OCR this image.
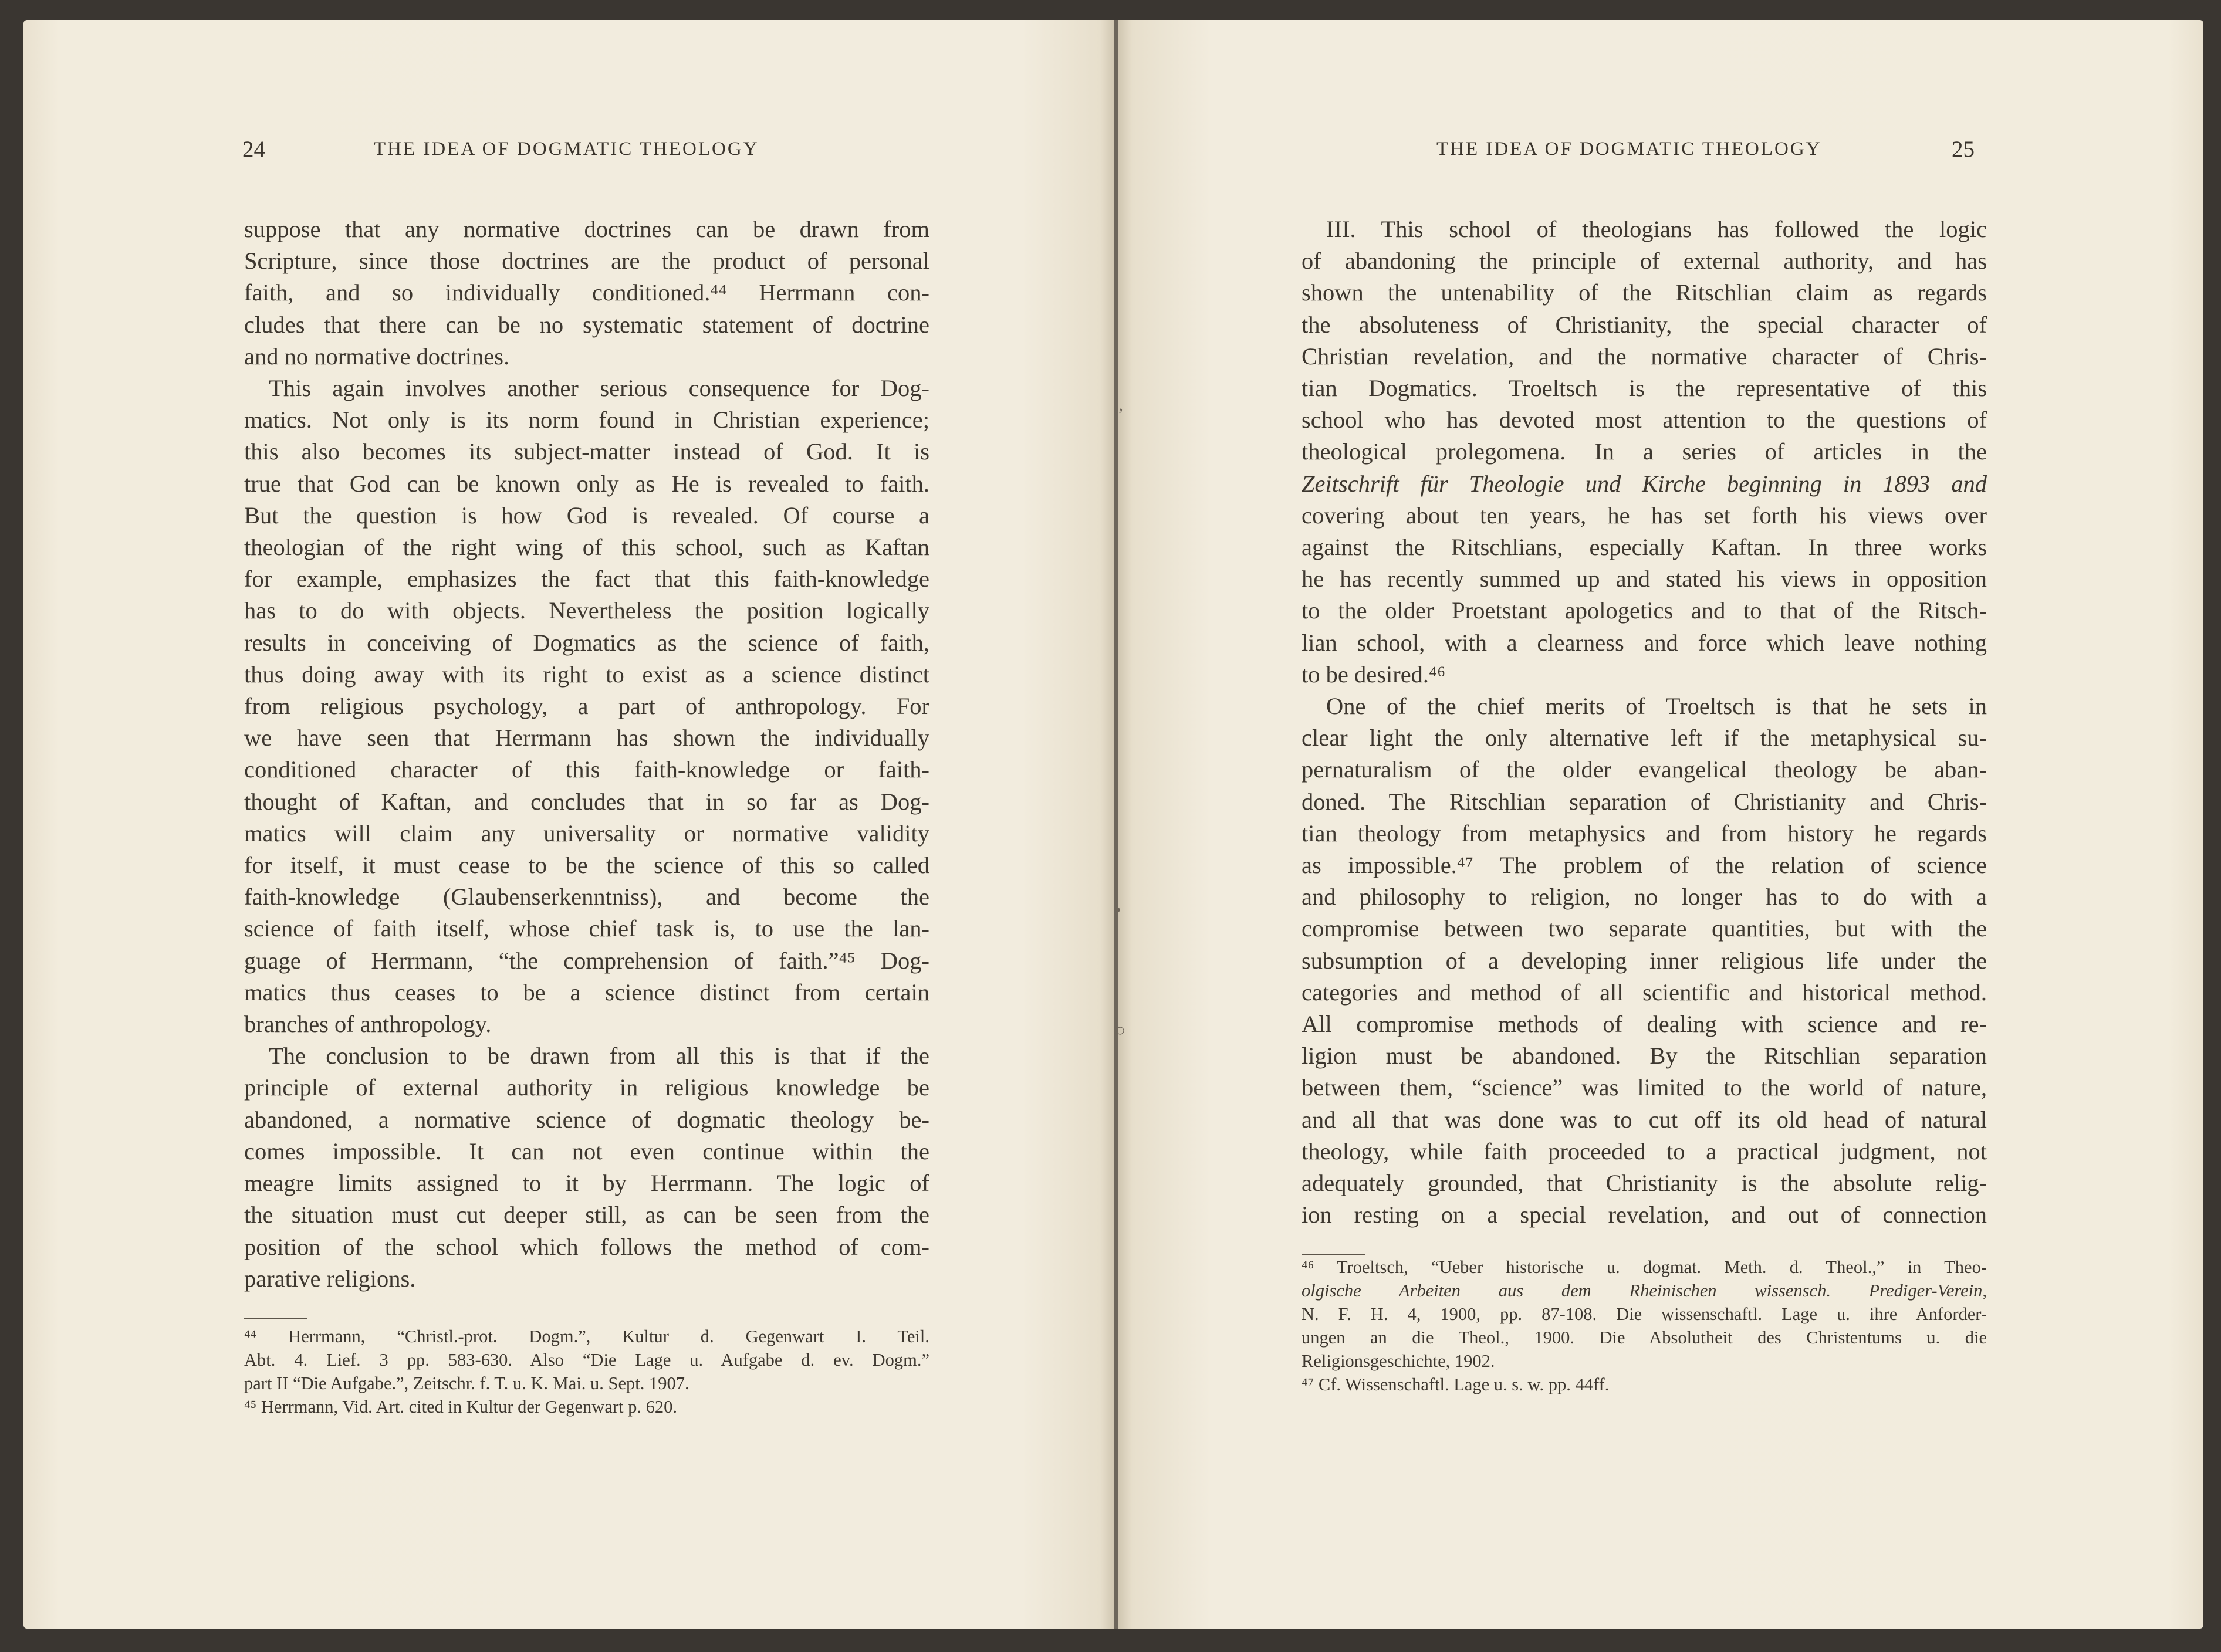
24	THE IDEA OF DOGMATIC THEOLOGY	THE IDEA OF DOGMATIC THEOLOGY	25
suppose that any normative doctrines can be drawn from
Scripture, since those doctrines are the product of personal
faith, and so individually conditioned.⁴⁴ Herrmann con-
cludes that there can be no systematic statement of doctrine
and no normative doctrines.
This again involves another serious consequence for Dog-
matics. Not only is its norm found in Christian experience;
this also becomes its subject-matter instead of God. It is
true that God can be known only as He is revealed to faith.
But the question is how God is revealed. Of course a
theologian of the right wing of this school, such as Kaftan
for example, emphasizes the fact that this faith-knowledge
has to do with objects. Nevertheless the position logically
results in conceiving of Dogmatics as the science of faith,
thus doing away with its right to exist as a science distinct
from religious psychology, a part of anthropology. For
we have seen that Herrmann has shown the individually
conditioned character of this faith-knowledge or faith-
thought of Kaftan, and concludes that in so far as Dog-
matics will claim any universality or normative validity
for itself, it must cease to be the science of this so called
faith-knowledge (Glaubenserkenntniss), and become the
science of faith itself, whose chief task is, to use the lan-
guage of Herrmann, “the comprehension of faith.”⁴⁵ Dog-
matics thus ceases to be a science distinct from certain
branches of anthropology.
The conclusion to be drawn from all this is that if the
principle of external authority in religious knowledge be
abandoned, a normative science of dogmatic theology be-
comes impossible. It can not even continue within the
meagre limits assigned to it by Herrmann. The logic of
the situation must cut deeper still, as can be seen from the
position of the school which follows the method of com-
parative religions.
⁴⁴ Herrmann, “Christl.-prot. Dogm.”, Kultur d. Gegenwart I. Teil.
Abt. 4. Lief. 3 pp. 583-630. Also “Die Lage u. Aufgabe d. ev. Dogm.”
part II “Die Aufgabe.”, Zeitschr. f. T. u. K. Mai. u. Sept. 1907.
⁴⁵ Herrmann, Vid. Art. cited in Kultur der Gegenwart p. 620.
III. This school of theologians has followed the logic
of abandoning the principle of external authority, and has
shown the untenability of the Ritschlian claim as regards
the absoluteness of Christianity, the special character of
Christian revelation, and the normative character of Chris-
tian Dogmatics. Troeltsch is the representative of this
school who has devoted most attention to the questions of
theological prolegomena. In a series of articles in the
Zeitschrift für Theologie und Kirche beginning in 1893 and
covering about ten years, he has set forth his views over
against the Ritschlians, especially Kaftan. In three works
he has recently summed up and stated his views in opposition
to the older Proetstant apologetics and to that of the Ritsch-
lian school, with a clearness and force which leave nothing
to be desired.⁴⁶
One of the chief merits of Troeltsch is that he sets in
clear light the only alternative left if the metaphysical su-
pernaturalism of the older evangelical theology be aban-
doned. The Ritschlian separation of Christianity and Chris-
tian theology from metaphysics and from history he regards
as impossible.⁴⁷ The problem of the relation of science
and philosophy to religion, no longer has to do with a
compromise between two separate quantities, but with the
subsumption of a developing inner religious life under the
categories and method of all scientific and historical method.
All compromise methods of dealing with science and re-
ligion must be abandoned. By the Ritschlian separation
between them, “science” was limited to the world of nature,
and all that was done was to cut off its old head of natural
theology, while faith proceeded to a practical judgment, not
adequately grounded, that Christianity is the absolute relig-
ion resting on a special revelation, and out of connection
⁴⁶ Troeltsch, “Ueber historische u. dogmat. Meth. d. Theol.,” in Theo-
olgische Arbeiten aus dem Rheinischen wissensch. Prediger-Verein,
N. F. H. 4, 1900, pp. 87-108. Die wissenschaftl. Lage u. ihre Anforder-
ungen an die Theol., 1900. Die Absolutheit des Christentums u. die
Religionsgeschichte, 1902.
⁴⁷ Cf. Wissenschaftl. Lage u. s. w. pp. 44ff.
’
•
○
